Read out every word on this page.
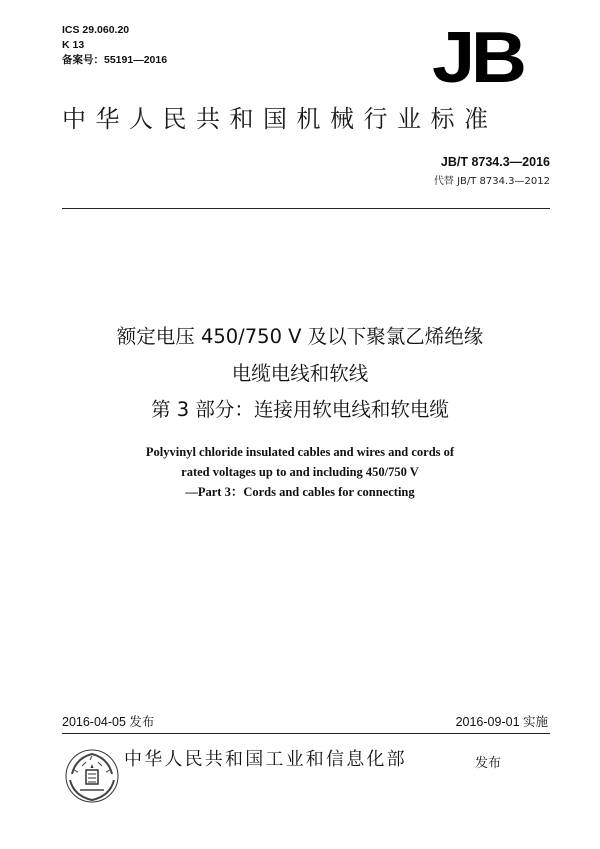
ICS 29.060.20
K 13
备案号：55191—2016	JB
中华人民共和国机械行业标准
JB/T 8734.3—2016
代替 JB/T 8734.3—2012
额定电压 450/750 V 及以下聚氯乙烯绝缘
电缆电线和软线
第 3 部分：连接用软电线和软电缆
Polyvinyl chloride insulated cables and wires and cords of
rated voltages up to and including 450/750 V
—Part 3：Cords and cables for connecting
2016-04-05 发布	2016-09-01 实施
中华人民共和国工业和信息化部	发布
